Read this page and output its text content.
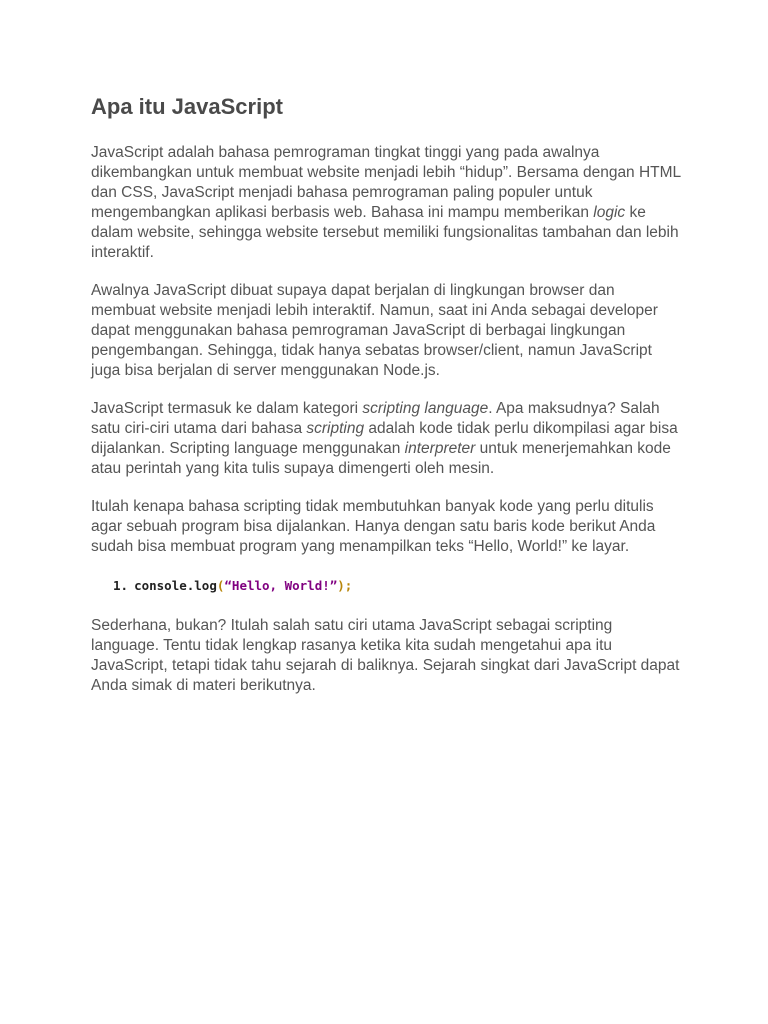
Apa itu JavaScript

JavaScript adalah bahasa pemrograman tingkat tinggi yang pada awalnya dikembangkan untuk membuat website menjadi lebih “hidup”. Bersama dengan HTML dan CSS, JavaScript menjadi bahasa pemrograman paling populer untuk mengembangkan aplikasi berbasis web. Bahasa ini mampu memberikan logic ke dalam website, sehingga website tersebut memiliki fungsionalitas tambahan dan lebih interaktif.

Awalnya JavaScript dibuat supaya dapat berjalan di lingkungan browser dan membuat website menjadi lebih interaktif. Namun, saat ini Anda sebagai developer dapat menggunakan bahasa pemrograman JavaScript di berbagai lingkungan pengembangan. Sehingga, tidak hanya sebatas browser/client, namun JavaScript juga bisa berjalan di server menggunakan Node.js.

JavaScript termasuk ke dalam kategori scripting language. Apa maksudnya? Salah satu ciri-ciri utama dari bahasa scripting adalah kode tidak perlu dikompilasi agar bisa dijalankan. Scripting language menggunakan interpreter untuk menerjemahkan kode atau perintah yang kita tulis supaya dimengerti oleh mesin.

Itulah kenapa bahasa scripting tidak membutuhkan banyak kode yang perlu ditulis agar sebuah program bisa dijalankan. Hanya dengan satu baris kode berikut Anda sudah bisa membuat program yang menampilkan teks “Hello, World!” ke layar.

1. console.log(“Hello, World!”);

Sederhana, bukan? Itulah salah satu ciri utama JavaScript sebagai scripting language. Tentu tidak lengkap rasanya ketika kita sudah mengetahui apa itu JavaScript, tetapi tidak tahu sejarah di baliknya. Sejarah singkat dari JavaScript dapat Anda simak di materi berikutnya.
